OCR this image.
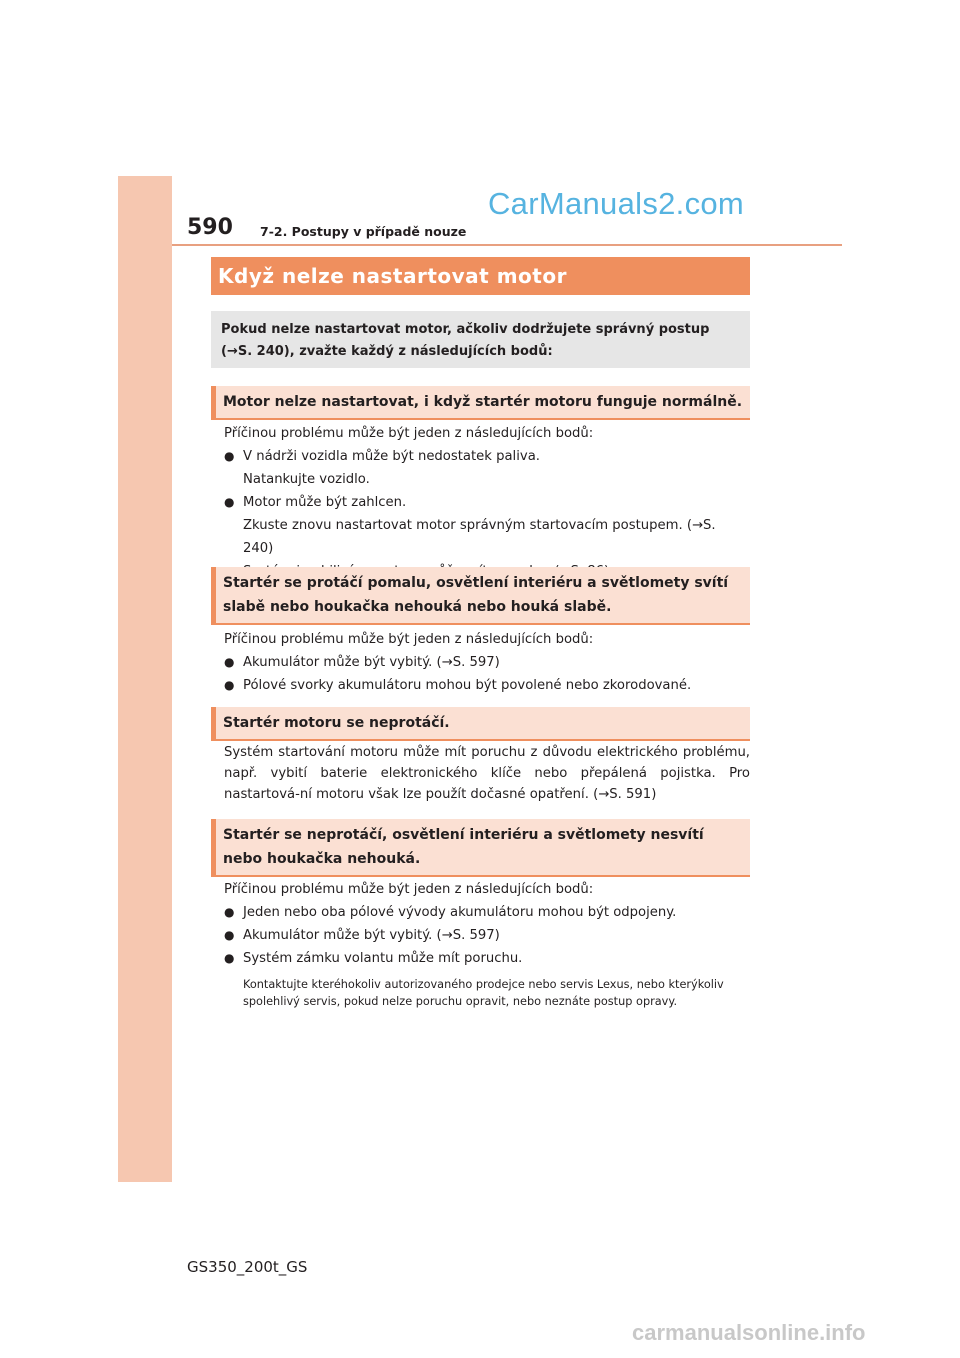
590 7-2. Postupy v případě nouze
CarManuals2.com
Když nelze nastartovat motor
Pokud nelze nastartovat motor, ačkoliv dodržujete správný postup (→S. 240), zvažte každý z následujících bodů:
Motor nelze nastartovat, i když startér motoru funguje normálně.

Příčinou problému může být jeden z následujících bodů:

● V nádrži vozidla může být nedostatek paliva.

Natankujte vozidlo.

● Motor může být zahlcen.

Zkuste znovu nastartovat motor správným startovacím postupem. (→S. 240)

Startér se protáčí pomalu, osvětlení interiéru a světlomety svítí slabě nebo houkačka nehouká nebo houká slabě.

Příčinou problému může být jeden z následujících bodů:

● Akumulátor může být vybitý. (→S. 597)

● Pólové svorky akumulátoru mohou být povolené nebo zkorodované.

Startér motoru se neprotáčí.
Systém startování motoru může mít poruchu z důvodu elektrického problému, např. vybití baterie elektronického klíče nebo přepálená pojistka. Pro nastartová-ní motoru však lze použít dočasné opatření. (→S. 591)
Startér se neprotáčí, osvětlení interiéru a světlomety nesvítí
nebo houkačka nehouká.

Příčinou problému může být jeden z následujících bodů:

● Jeden nebo oba pólové vývody akumulátoru mohou být odpojeny.

● Akumulátor může být vybitý. (→S. 597)

● Systém zámku volantu může mít poruchu.

Kontaktujte kteréhokoliv autorizovaného prodejce nebo servis Lexus, nebo kterýkoliv spolehlivý servis, pokud nelze poruchu opravit, nebo neznáte postup opravy.
GS350_200t_GS
carmanualsonline.info
